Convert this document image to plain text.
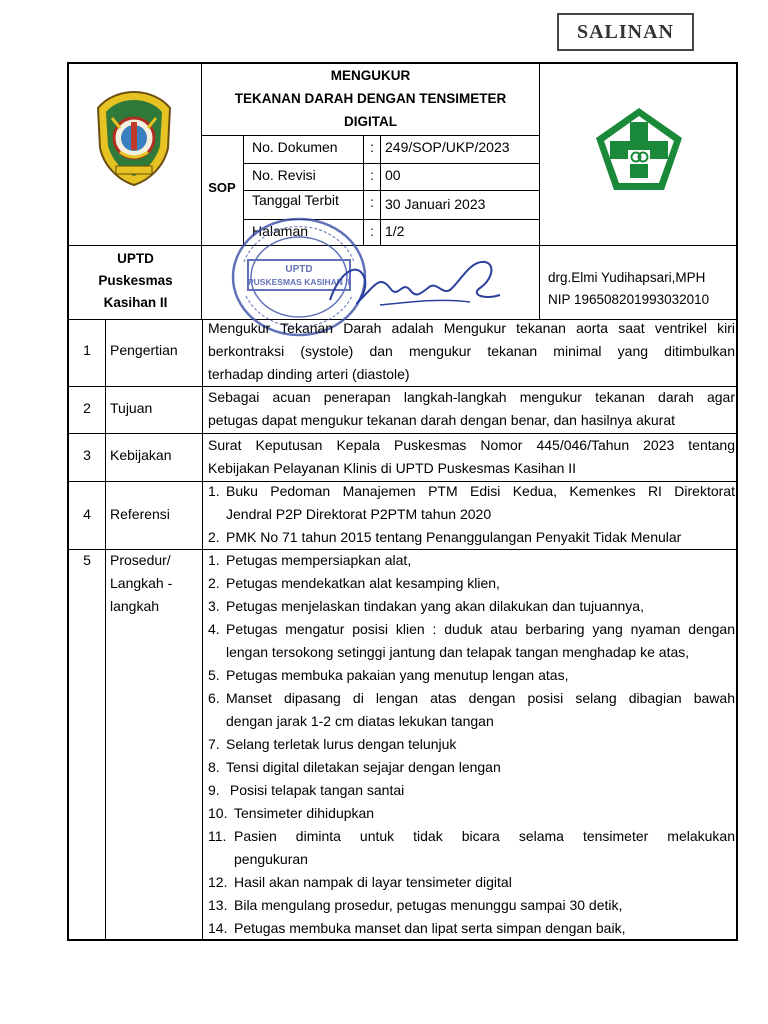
SALINAN
MENGUKUR
TEKANAN DARAH DENGAN TENSIMETER
DIGITAL
SOP
No. Dokumen : 249/SOP/UKP/2023
No. Revisi	: 00
Tanggal Terbit : 30 Januari 2023
Halaman	: 1/2
UPTD
Puskesmas
Kasihan II
UPTD
PUSKESMAS KASIHAN II	drg.Elmi Yudihapsari,MPH
NIP 196508201993032010
1	Pengertian
Mengukur Tekanan Darah adalah Mengukur tekanan aorta saat ventrikel kiri
berkontraksi (systole) dan mengukur tekanan minimal yang ditimbulkan
terhadap dinding arteri (diastole)
2	Tujuan
Sebagai acuan penerapan langkah-langkah mengukur tekanan darah agar
petugas dapat mengukur tekanan darah dengan benar, dan hasilnya akurat
3	Kebijakan
Surat Keputusan Kepala Puskesmas Nomor 445/046/Tahun 2023 tentang
Kebijakan Pelayanan Klinis di UPTD Puskesmas Kasihan II
4	Referensi
1. Buku Pedoman Manajemen PTM Edisi Kedua, Kemenkes RI Direktorat
Jendral P2P Direktorat P2PTM tahun 2020
2. PMK No 71 tahun 2015 tentang Penanggulangan Penyakit Tidak Menular
5	Prosedur/
Langkah -
langkah
1. Petugas mempersiapkan alat,
2. Petugas mendekatkan alat kesamping klien,
3. Petugas menjelaskan tindakan yang akan dilakukan dan tujuannya,
4. Petugas mengatur posisi klien : duduk atau berbaring yang nyaman dengan
lengan tersokong setinggi jantung dan telapak tangan menghadap ke atas,
5. Petugas membuka pakaian yang menutup lengan atas,
6. Manset dipasang di lengan atas dengan posisi selang dibagian bawah
dengan jarak 1-2 cm diatas lekukan tangan
7. Selang terletak lurus dengan telunjuk
8. Tensi digital diletakan sejajar dengan lengan
9. Posisi telapak tangan santai
10. Tensimeter dihidupkan
11. Pasien diminta untuk tidak bicara selama tensimeter melakukan
pengukuran
12. Hasil akan nampak di layar tensimeter digital
13. Bila mengulang prosedur, petugas menunggu sampai 30 detik,
14. Petugas membuka manset dan lipat serta simpan dengan baik,
